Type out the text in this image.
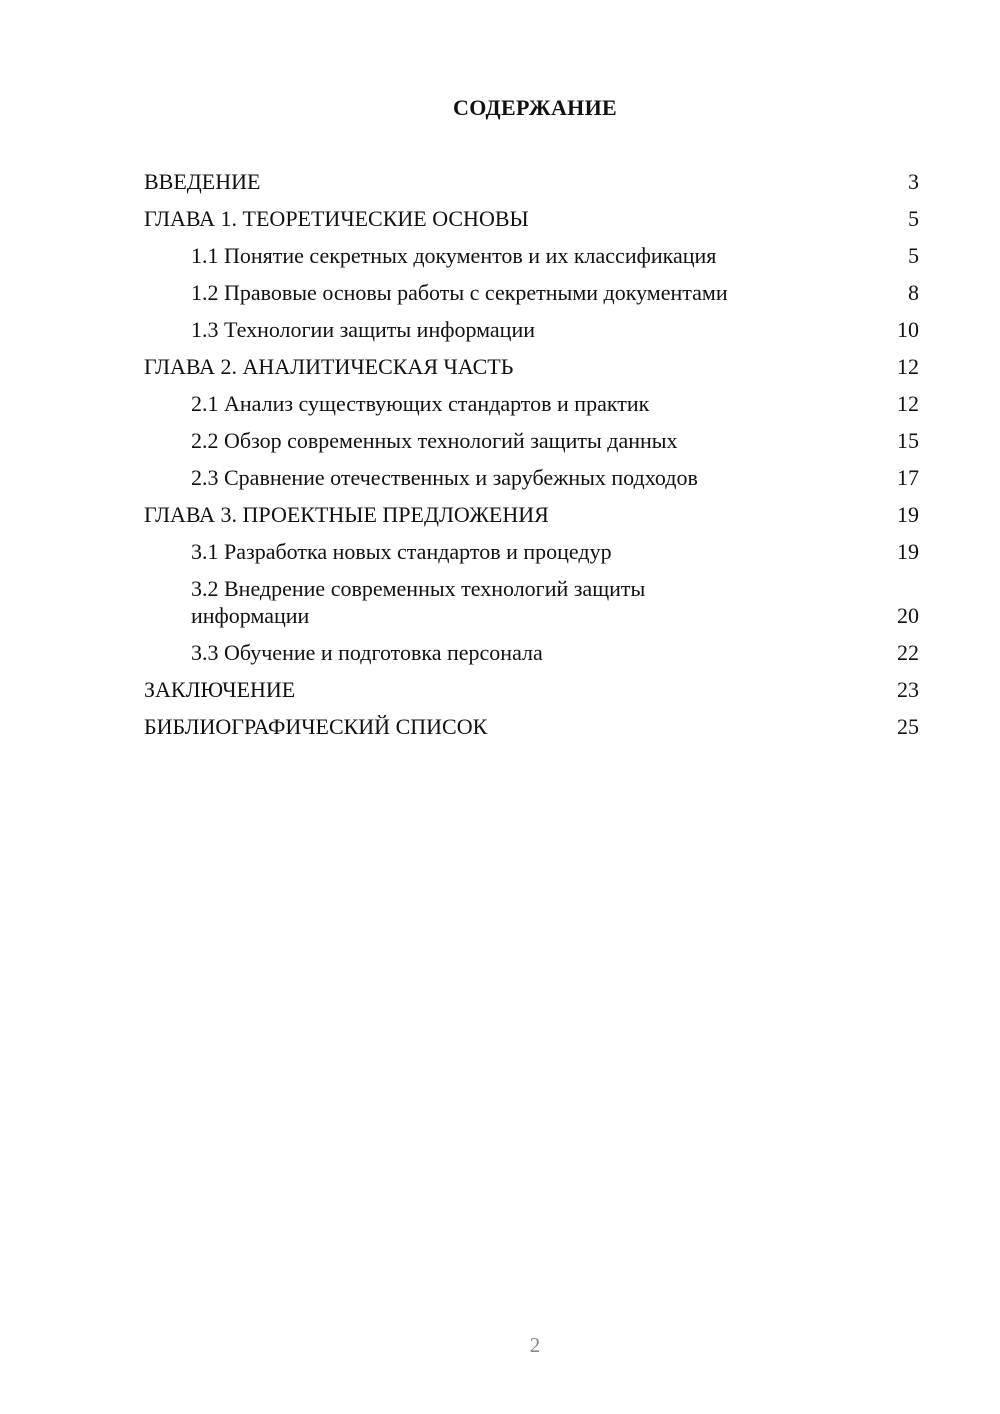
СОДЕРЖАНИЕ
ВВЕДЕНИЕ	3
ГЛАВА 1. ТЕОРЕТИЧЕСКИЕ ОСНОВЫ	5
1.1 Понятие секретных документов и их классификация	5
1.2 Правовые основы работы с секретными документами	8
1.3 Технологии защиты информации	10
ГЛАВА 2. АНАЛИТИЧЕСКАЯ ЧАСТЬ	12
2.1 Анализ существующих стандартов и практик	12
2.2 Обзор современных технологий защиты данных	15
2.3 Сравнение отечественных и зарубежных подходов	17
ГЛАВА 3. ПРОЕКТНЫЕ ПРЕДЛОЖЕНИЯ	19
3.1 Разработка новых стандартов и процедур	19
3.2 Внедрение современных технологий защиты информации	20
3.3 Обучение и подготовка персонала	22
ЗАКЛЮЧЕНИЕ	23
БИБЛИОГРАФИЧЕСКИЙ СПИСОК	25
2
